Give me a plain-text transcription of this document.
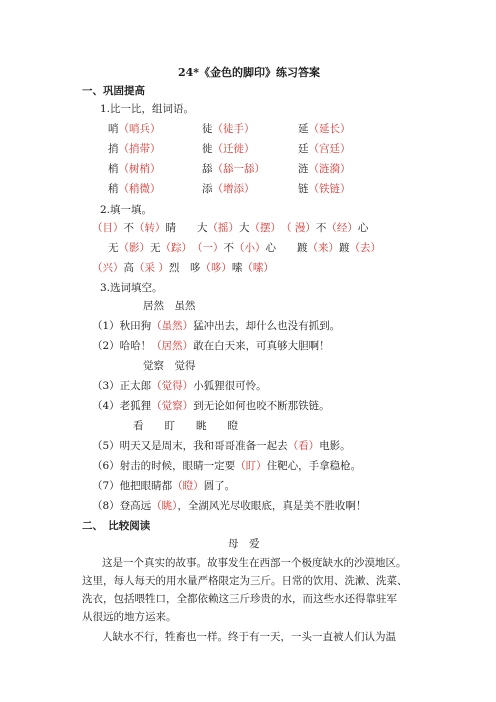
24*《金色的脚印》练习答案
一、巩固提高
1.比一比，组词语。
哨（哨兵）	徒（徒手）	延（延长）
捎（捎带）	徙（迁徙）	廷（宫廷）
梢（树梢）	舔（舔一舔）	涟（涟漪）
稍（稍微）	添（增添）	链（铁链）
2.填一填。
（目）不（转）睛　　大（摇）大（摆）　（ 漫）不（经）心
无（影）无（踪）　 （一）不（小）心　　踱（来）踱（去）
（兴）高（采 ）烈　哆（哆）嗦（嗦）
3.选词填空。
居然　虽然
（1）秋田狗（虽然）猛冲出去，却什么也没有抓到。
（2）哈哈！（居然）敢在白天来，可真够大胆啊！
觉察　觉得
（3）正太郎（觉得）小狐狸很可怜。
（4）老狐狸（觉察）到无论如何也咬不断那铁链。
看　　盯　　眺　　瞪
（5）明天又是周末，我和哥哥准备一起去（看）电影。
（6）射击的时候，眼睛一定要（盯）住靶心，手拿稳枪。
（7）他把眼睛都（瞪）圆了。
（8）登高远（眺），全湖风光尽收眼底，真是美不胜收啊！
二、　比较阅读
母　爱
这是一个真实的故事。故事发生在西部一个极度缺水的沙漠地区。
这里，每人每天的用水量严格限定为三斤。日常的饮用、洗漱、洗菜、
洗衣，包括喂牲口，全都依赖这三斤珍贵的水，而这些水还得靠驻军
从很远的地方运来。
人缺水不行，牲畜也一样。终于有一天，一头一直被人们认为温
